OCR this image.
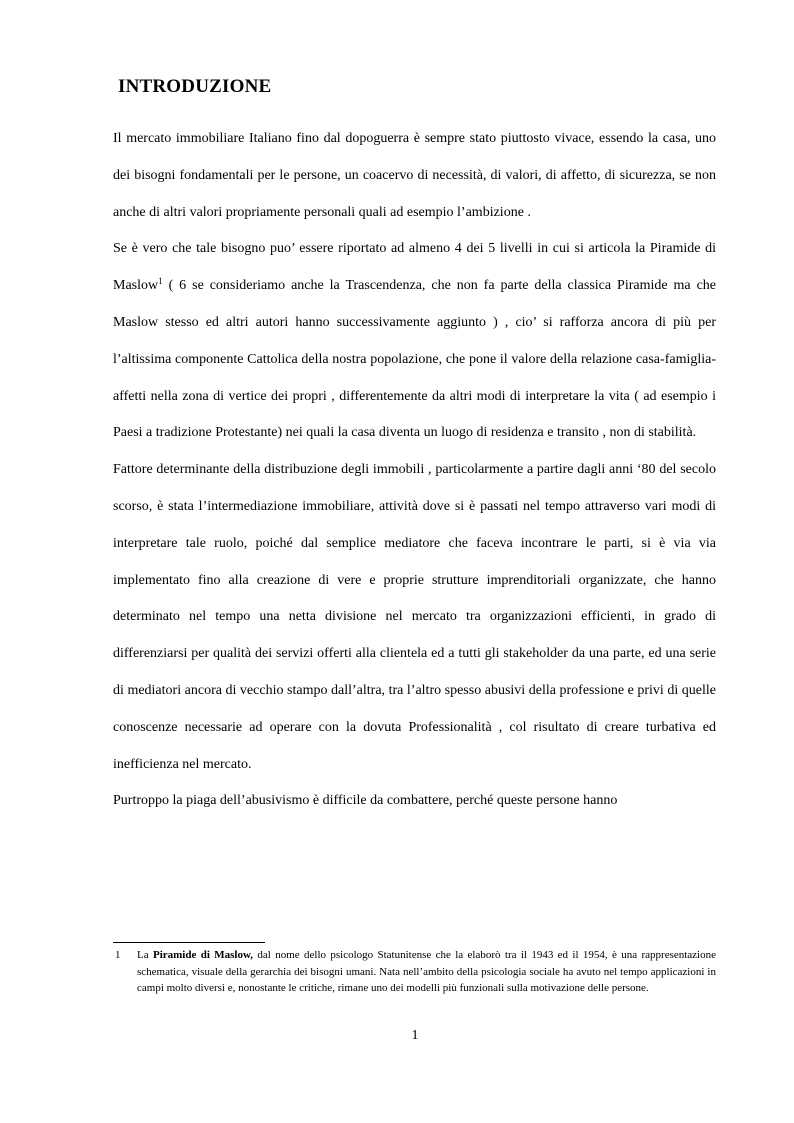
INTRODUZIONE

Il mercato immobiliare Italiano fino dal dopoguerra è sempre stato piuttosto vivace, essendo la casa, uno dei bisogni fondamentali per le persone, un coacervo di necessità, di valori, di affetto, di sicurezza, se non anche di altri valori propriamente personali quali ad esempio l’ambizione .

Se è vero che tale bisogno puo’ essere riportato ad almeno 4 dei 5 livelli in cui si articola la Piramide di Maslow$^1$ ( 6 se consideriamo anche la Trascendenza, che non fa parte della classica Piramide ma che Maslow stesso ed altri autori hanno successivamente aggiunto ) , cio’ si rafforza ancora di più per l’altissima componente Cattolica della nostra popolazione, che pone il valore della relazione casa-famiglia-affetti nella zona di vertice dei propri , differentemente da altri modi di interpretare la vita ( ad esempio i Paesi a tradizione Protestante) nei quali la casa diventa un luogo di residenza e transito , non di stabilità.

Fattore determinante della distribuzione degli immobili , particolarmente a partire dagli anni ‘80 del secolo scorso, è stata l’intermediazione immobiliare, attività dove si è passati nel tempo attraverso vari modi di interpretare tale ruolo, poiché dal semplice mediatore che faceva incontrare le parti, si è via via implementato fino alla creazione di vere e proprie strutture imprenditoriali organizzate, che hanno determinato nel tempo una netta divisione nel mercato tra organizzazioni efficienti, in grado di differenziarsi per qualità dei servizi offerti alla clientela ed a tutti gli stakeholder da una parte, ed una serie di mediatori ancora di vecchio stampo dall’altra, tra l’altro spesso abusivi della professione e privi di quelle conoscenze necessarie ad operare con la dovuta Professionalità , col risultato di creare turbativa ed inefficienza nel mercato.

Purtroppo la piaga dell’abusivismo è difficile da combattere, perché queste persone hanno

1 La Piramide di Maslow, dal nome dello psicologo Statunitense che la elaborò tra il 1943 ed il 1954, è una rappresentazione schematica, visuale della gerarchia dei bisogni umani. Nata nell’ambito della psicologia sociale ha avuto nel tempo applicazioni in campi molto diversi e, nonostante le critiche, rimane uno dei modelli più funzionali sulla motivazione delle persone.
1
